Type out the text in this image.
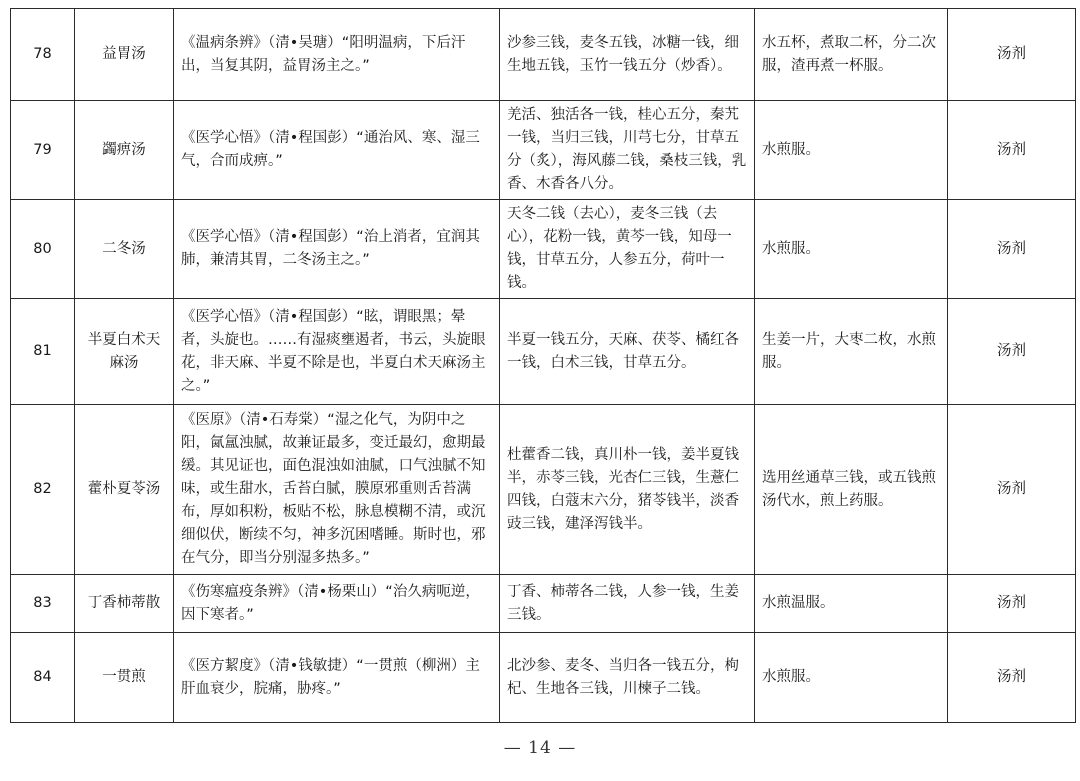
78	益胃汤	《温病条辨》（清•吴瑭）“阳明温病，下后汗出，当复其阴，益胃汤主之。”	沙参三钱，麦冬五钱，冰糖一钱，细生地五钱，玉竹一钱五分（炒香）。	水五杯，煮取二杯，分二次服，渣再煮一杯服。	汤剂
79	蠲痹汤	《医学心悟》（清•程国彭）“通治风、寒、湿三气，合而成痹。”	羌活、独活各一钱，桂心五分，秦艽一钱，当归三钱，川芎七分，甘草五分（炙），海风藤二钱，桑枝三钱，乳香、木香各八分。	水煎服。	汤剂
80	二冬汤	《医学心悟》（清•程国彭）“治上消者，宜润其肺，兼清其胃，二冬汤主之。”	天冬二钱（去心），麦冬三钱（去心），花粉一钱，黄芩一钱，知母一钱，甘草五分，人参五分，荷叶一钱。	水煎服。	汤剂
81	半夏白术天麻汤	《医学心悟》（清•程国彭）“眩，谓眼黑；晕者，头旋也。……有湿痰壅遏者，书云，头旋眼花，非天麻、半夏不除是也，半夏白术天麻汤主之。”	半夏一钱五分，天麻、茯苓、橘红各一钱，白术三钱，甘草五分。	生姜一片，大枣二枚，水煎服。	汤剂
82	藿朴夏苓汤	《医原》（清•石寿棠）“湿之化气，为阴中之阳，氤氲浊腻，故兼证最多，变迁最幻，愈期最缓。其见证也，面色混浊如油腻，口气浊腻不知味，或生甜水，舌苔白腻，膜原邪重则舌苔满布，厚如积粉，板贴不松，脉息模糊不清，或沉细似伏，断续不匀，神多沉困嗜睡。斯时也，邪在气分，即当分别湿多热多。”	杜藿香二钱，真川朴一钱，姜半夏钱半，赤苓三钱，光杏仁三钱，生薏仁四钱，白蔻末六分，猪苓钱半，淡香豉三钱，建泽泻钱半。	选用丝通草三钱，或五钱煎汤代水，煎上药服。	汤剂
83	丁香柿蒂散	《伤寒瘟疫条辨》（清•杨栗山）“治久病呃逆，因下寒者。”	丁香、柿蒂各二钱，人参一钱，生姜三钱。	水煎温服。	汤剂
84	一贯煎	《医方絜度》（清•钱敏捷）“一贯煎（柳洲）主肝血衰少，脘痛，胁疼。”	北沙参、麦冬、当归各一钱五分，枸杞、生地各三钱，川楝子二钱。	水煎服。	汤剂
— 14 —
